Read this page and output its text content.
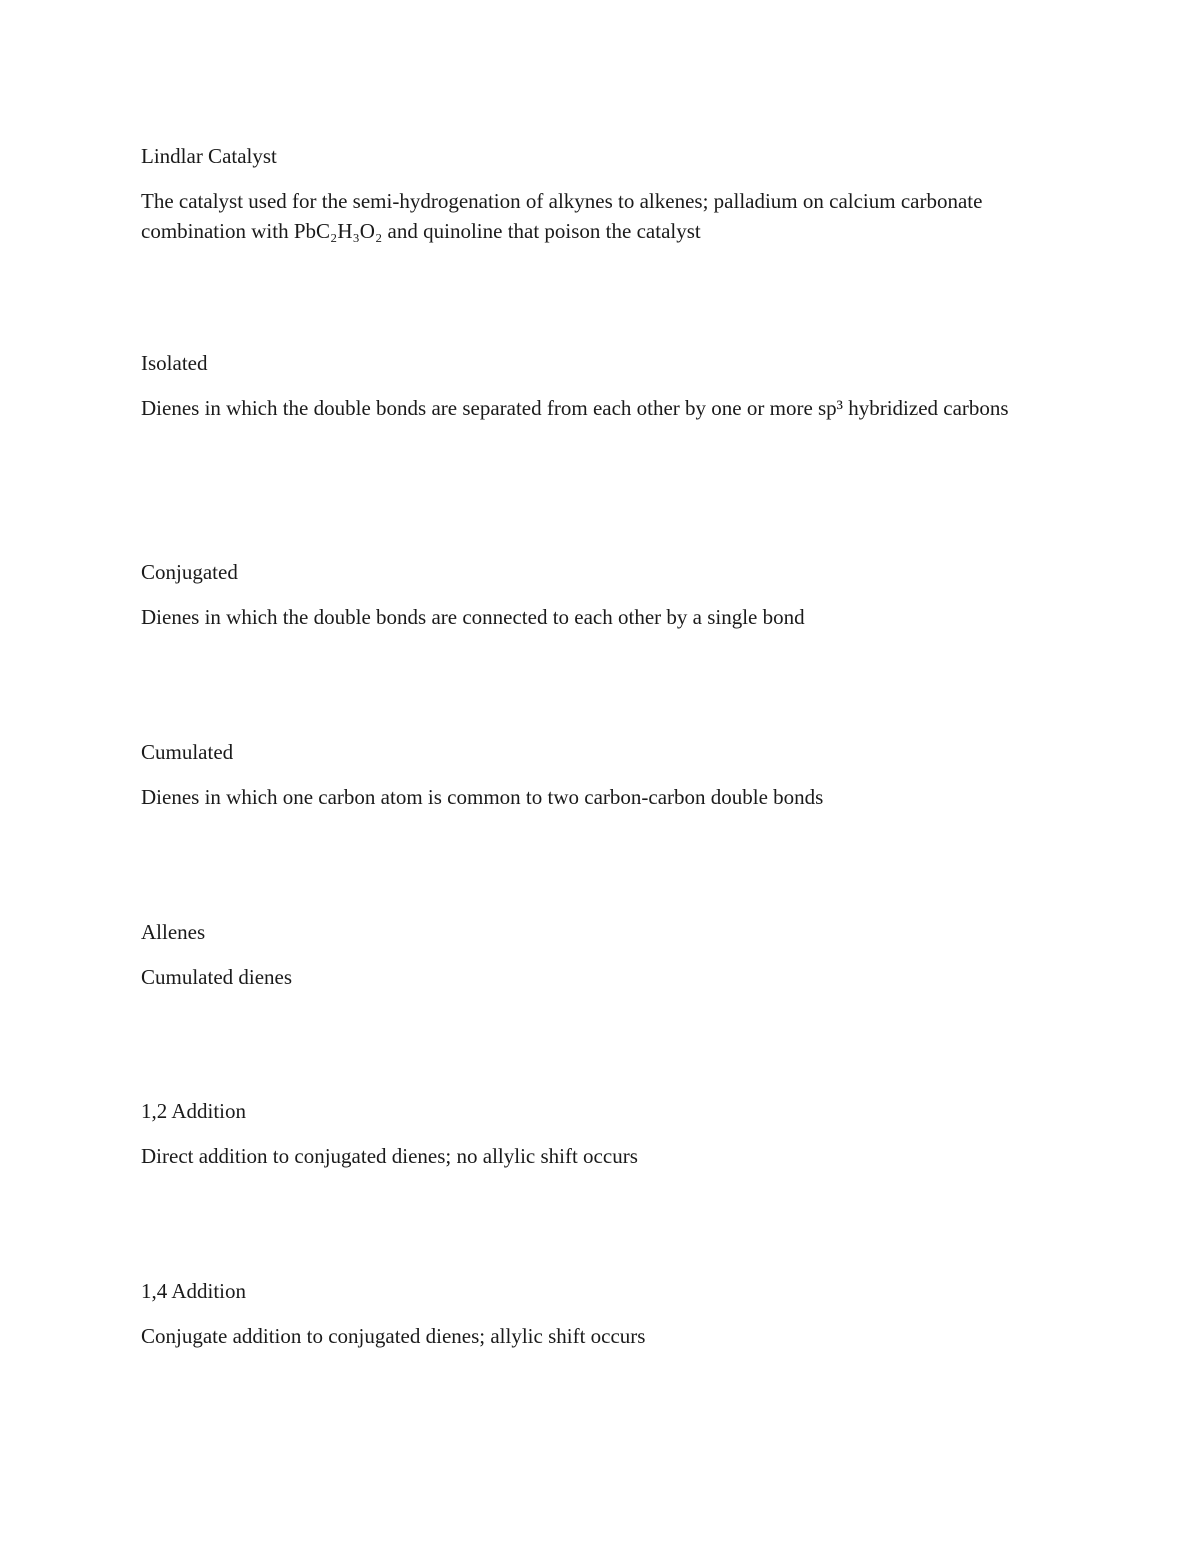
Lindlar Catalyst

The catalyst used for the semi-hydrogenation of alkynes to alkenes; palladium on calcium carbonate combination with PbC₂H₃O₂ and quinoline that poison the catalyst

Isolated

Dienes in which the double bonds are separated from each other by one or more sp³ hybridized carbons

Conjugated

Dienes in which the double bonds are connected to each other by a single bond

Cumulated

Dienes in which one carbon atom is common to two carbon-carbon double bonds

Allenes

Cumulated dienes

1,2 Addition

Direct addition to conjugated dienes; no allylic shift occurs

1,4 Addition

Conjugate addition to conjugated dienes; allylic shift occurs
